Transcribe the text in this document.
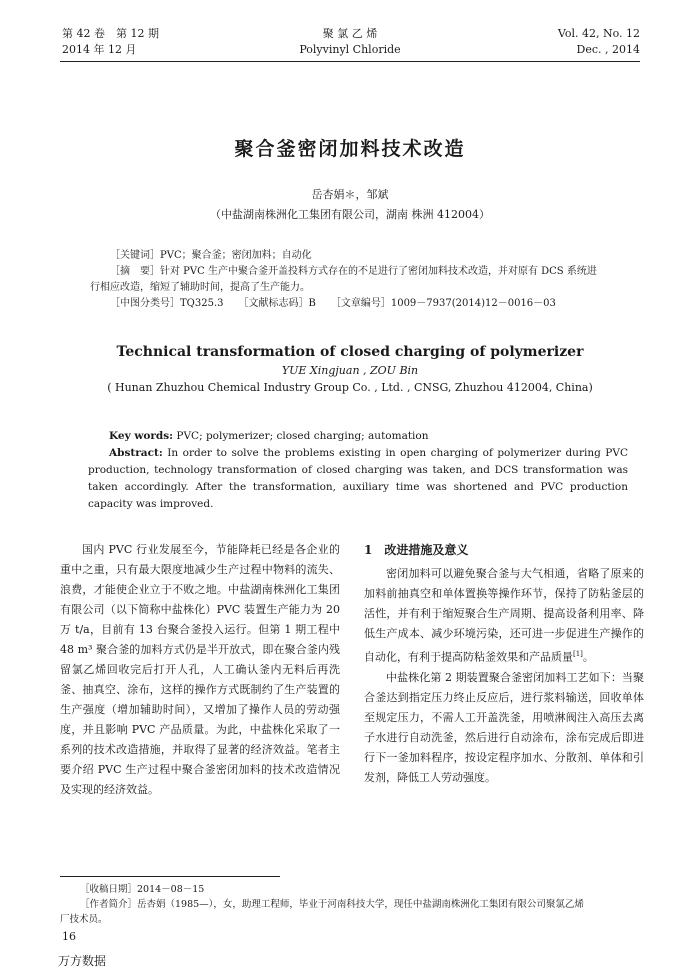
第 42 卷　第 12 期
2014 年 12 月
聚 氯 乙 烯
Polyvinyl Chloride
Vol. 42, No. 12
Dec. , 2014
聚合釜密闭加料技术改造
岳杏娟＊，邹斌
（中盐湖南株洲化工集团有限公司，湖南 株洲 412004）
［关键词］PVC；聚合釜；密闭加料；自动化
［摘　要］针对 PVC 生产中聚合釜开盖投料方式存在的不足进行了密闭加料技术改造，并对原有 DCS 系统进
行相应改造，缩短了辅助时间，提高了生产能力。
［中图分类号］TQ325.3　　［文献标志码］B　　［文章编号］1009－7937(2014)12－0016－03
Technical transformation of closed charging of polymerizer
YUE Xingjuan , ZOU Bin
( Hunan Zhuzhou Chemical Industry Group Co. , Ltd. , CNSG, Zhuzhou 412004, China)

Key words: PVC; polymerizer; closed charging; automation

Abstract: In order to solve the problems existing in open charging of polymerizer during PVC production, technology transformation of closed charging was taken, and DCS transformation was taken accordingly. After the transformation, auxiliary time was shortened and PVC production capacity was improved.

国内 PVC 行业发展至今，节能降耗已经是各企业的重中之重，只有最大限度地减少生产过程中物料的流失、浪费，才能使企业立于不败之地。中盐湖南株洲化工集团有限公司（以下简称中盐株化）PVC 装置生产能力为 20 万 t/a，目前有 13 台聚合釜投入运行。但第 1 期工程中 48 m³ 聚合釜的加料方式仍是半开放式，即在聚合釜内残留氯乙烯回收完后打开人孔，人工确认釜内无料后再洗釜、抽真空、涂布，这样的操作方式既制约了生产装置的生产强度（增加辅助时间），又增加了操作人员的劳动强度，并且影响 PVC 产品质量。为此，中盐株化采取了一系列的技术改造措施，并取得了显著的经济效益。笔者主要介绍 PVC 生产过程中聚合釜密闭加料的技术改造情况及实现的经济效益。

1　改进措施及意义

密闭加料可以避免聚合釜与大气相通，省略了原来的加料前抽真空和单体置换等操作环节，保持了防粘釜层的活性，并有利于缩短聚合生产周期、提高设备利用率、降低生产成本、减少环境污染，还可进一步促进生产操作的自动化，有利于提高防粘釜效果和产品质量[1]。

中盐株化第 2 期装置聚合釜密闭加料工艺如下：当聚合釜达到指定压力终止反应后，进行浆料输送，回收单体至规定压力，不需人工开盖洗釜，用喷淋阀注入高压去离子水进行自动洗釜，然后进行自动涂布，涂布完成后即进行下一釜加料程序，按设定程序加水、分散剂、单体和引发剂，降低工人劳动强度。

［收稿日期］2014－08－15
［作者简介］岳杏娟（1985—），女，助理工程师，毕业于河南科技大学，现任中盐湖南株洲化工集团有限公司聚氯乙烯
厂技术员。
16
万方数据
